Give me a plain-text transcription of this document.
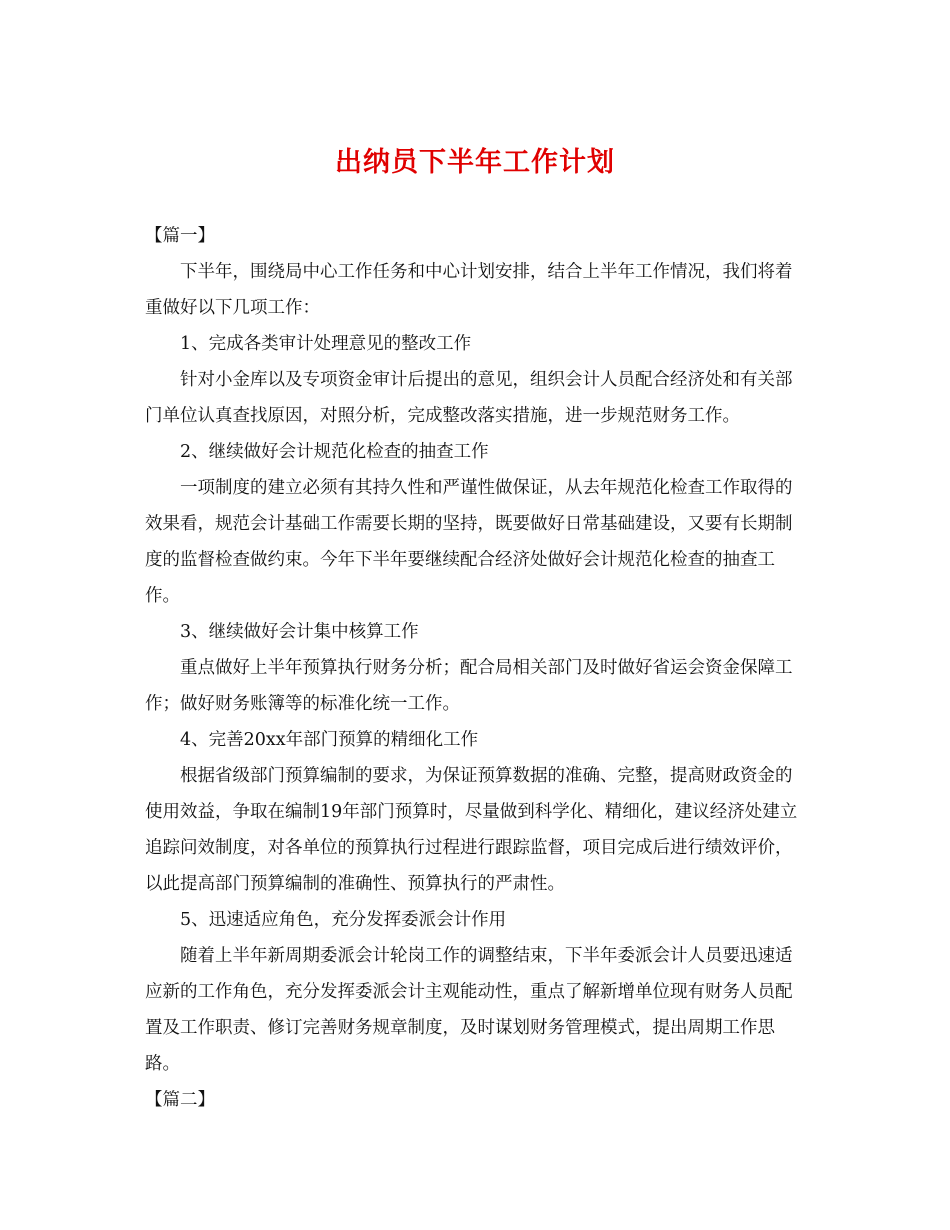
出纳员下半年工作计划

【篇一】

下半年，围绕局中心工作任务和中心计划安排，结合上半年工作情况，我们将着重做好以下几项工作：

1、完成各类审计处理意见的整改工作

针对小金库以及专项资金审计后提出的意见，组织会计人员配合经济处和有关部门单位认真查找原因，对照分析，完成整改落实措施，进一步规范财务工作。

2、继续做好会计规范化检查的抽查工作

一项制度的建立必须有其持久性和严谨性做保证，从去年规范化检查工作取得的效果看，规范会计基础工作需要长期的坚持，既要做好日常基础建设，又要有长期制度的监督检查做约束。今年下半年要继续配合经济处做好会计规范化检查的抽查工作。

3、继续做好会计集中核算工作

重点做好上半年预算执行财务分析；配合局相关部门及时做好省运会资金保障工作；做好财务账簿等的标准化统一工作。

4、完善20xx年部门预算的精细化工作

根据省级部门预算编制的要求，为保证预算数据的准确、完整，提高财政资金的使用效益，争取在编制19年部门预算时，尽量做到科学化、精细化，建议经济处建立追踪问效制度，对各单位的预算执行过程进行跟踪监督，项目完成后进行绩效评价，以此提高部门预算编制的准确性、预算执行的严肃性。

5、迅速适应角色，充分发挥委派会计作用

随着上半年新周期委派会计轮岗工作的调整结束，下半年委派会计人员要迅速适应新的工作角色，充分发挥委派会计主观能动性，重点了解新增单位现有财务人员配置及工作职责、修订完善财务规章制度，及时谋划财务管理模式，提出周期工作思路。

【篇二】
